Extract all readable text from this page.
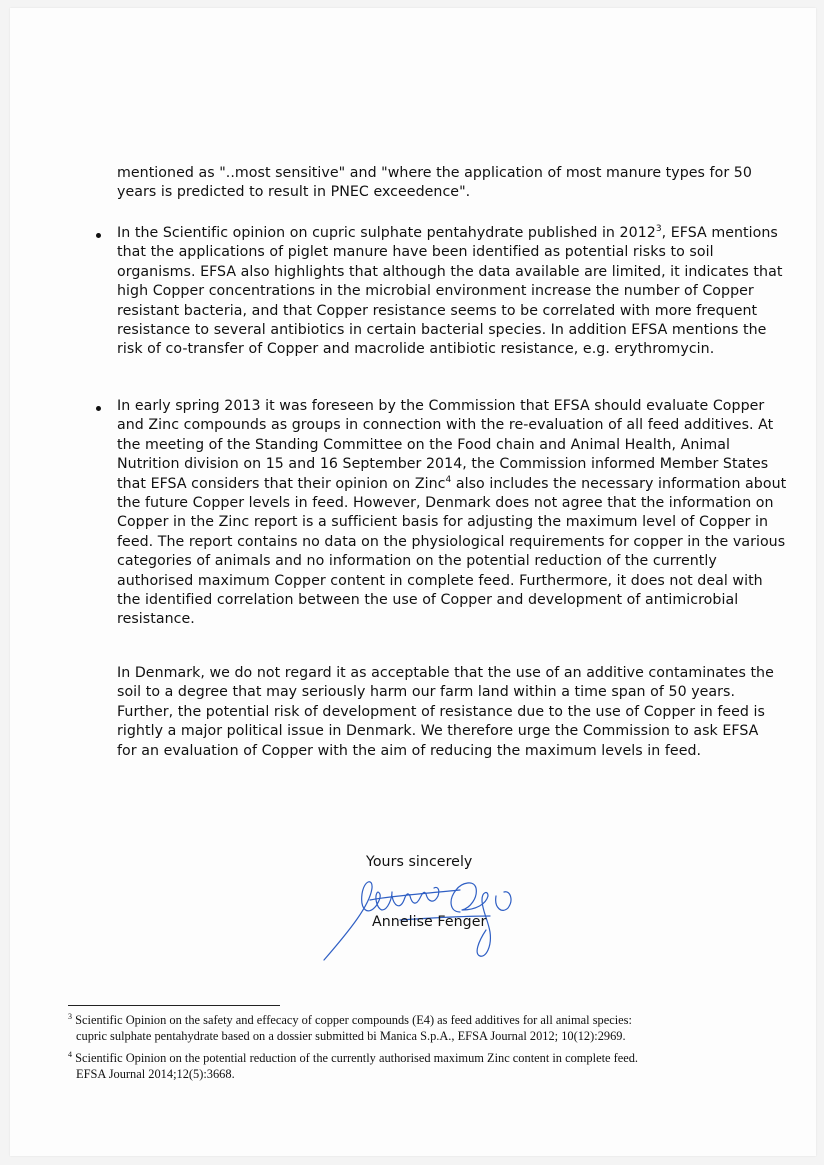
mentioned as "..most sensitive" and "where the application of most manure types for 50 years is predicted to result in PNEC exceedence".
In the Scientific opinion on cupric sulphate pentahydrate published in 2012$^3$, EFSA mentions that the applications of piglet manure have been identified as potential risks to soil organisms. EFSA also highlights that although the data available are limited, it indicates that high Copper concentrations in the microbial environment increase the number of Copper resistant bacteria, and that Copper resistance seems to be correlated with more frequent resistance to several antibiotics in certain bacterial species. In addition EFSA mentions the risk of co-transfer of Copper and macrolide antibiotic resistance, e.g. erythromycin.
In early spring 2013 it was foreseen by the Commission that EFSA should evaluate Copper and Zinc compounds as groups in connection with the re-evaluation of all feed additives. At the meeting of the Standing Committee on the Food chain and Animal Health, Animal Nutrition division on 15 and 16 September 2014, the Commission informed Member States that EFSA considers that their opinion on Zinc$^4$ also includes the necessary information about the future Copper levels in feed. However, Denmark does not agree that the information on Copper in the Zinc report is a sufficient basis for adjusting the maximum level of Copper in feed. The report contains no data on the physiological requirements for copper in the various categories of animals and no information on the potential reduction of the currently authorised maximum Copper content in complete feed. Furthermore, it does not deal with the identified correlation between the use of Copper and development of antimicrobial resistance.
In Denmark, we do not regard it as acceptable that the use of an additive contaminates the soil to a degree that may seriously harm our farm land within a time span of 50 years. Further, the potential risk of development of resistance due to the use of Copper in feed is rightly a major political issue in Denmark. We therefore urge the Commission to ask EFSA for an evaluation of Copper with the aim of reducing the maximum levels in feed.
Yours sincerely
Annelise Fenger
$^3$ Scientific Opinion on the safety and effecacy of copper compounds (E4) as feed additives for all animal species:
cupric sulphate pentahydrate based on a dossier submitted bi Manica S.p.A., EFSA Journal 2012; 10(12):2969.
$^4$ Scientific Opinion on the potential reduction of the currently authorised maximum Zinc content in complete feed.
EFSA Journal 2014;12(5):3668.
